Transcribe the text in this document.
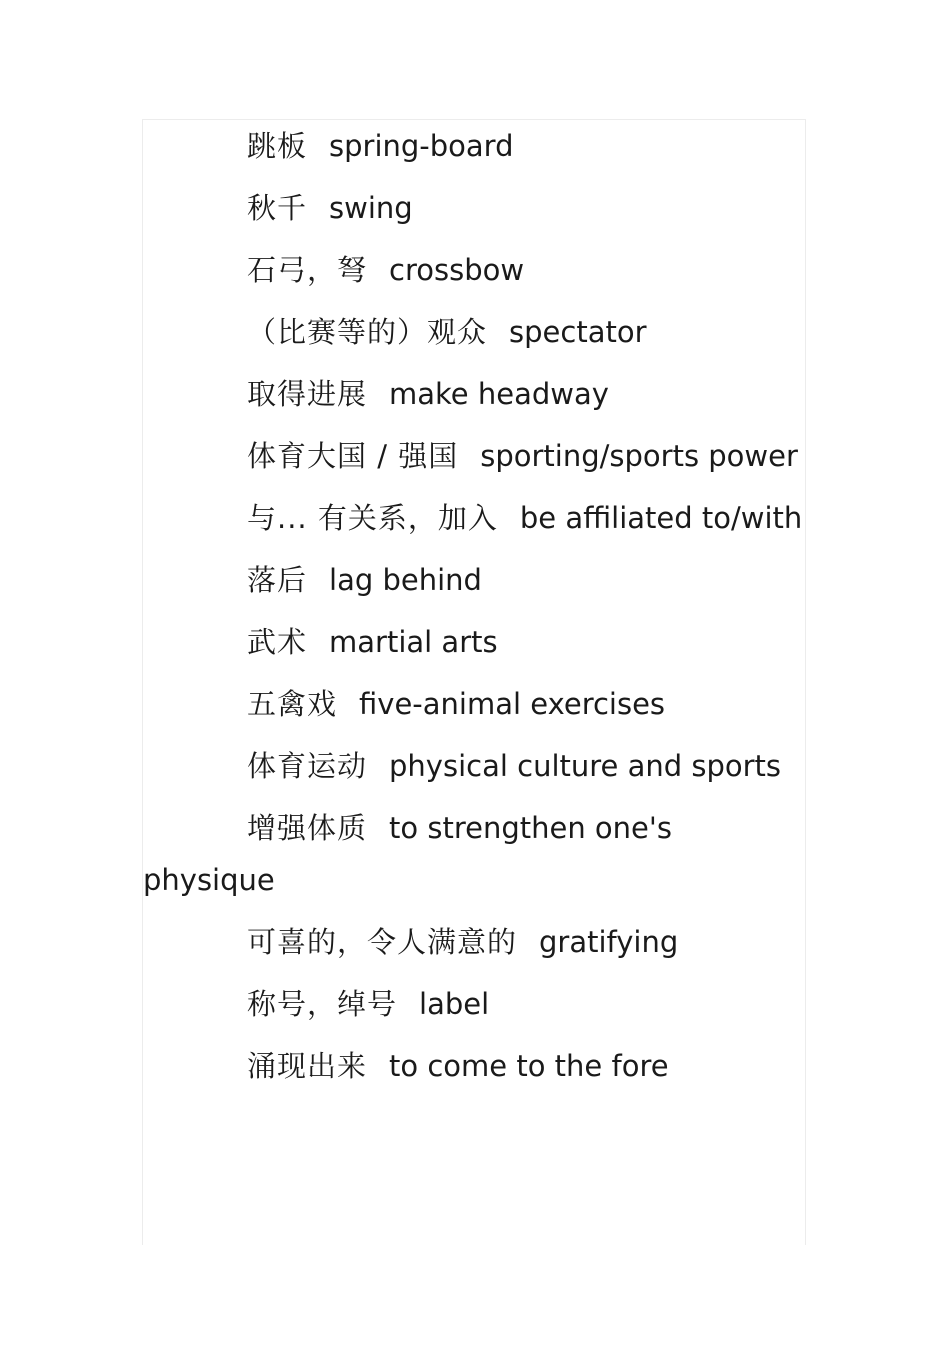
跳板 spring-board

秋千 swing

石弓，弩 crossbow

（比赛等的）观众 spectator

取得进展 make headway

体育大国 / 强国 sporting/sports power

与... 有关系，加入 be affiliated to/with

落后 lag behind

武术 martial arts

五禽戏 five-animal exercises

体育运动 physical culture and sports

增强体质 to strengthen one's physique

可喜的，令人满意的 gratifying

称号，绰号 label

涌现出来 to come to the fore
